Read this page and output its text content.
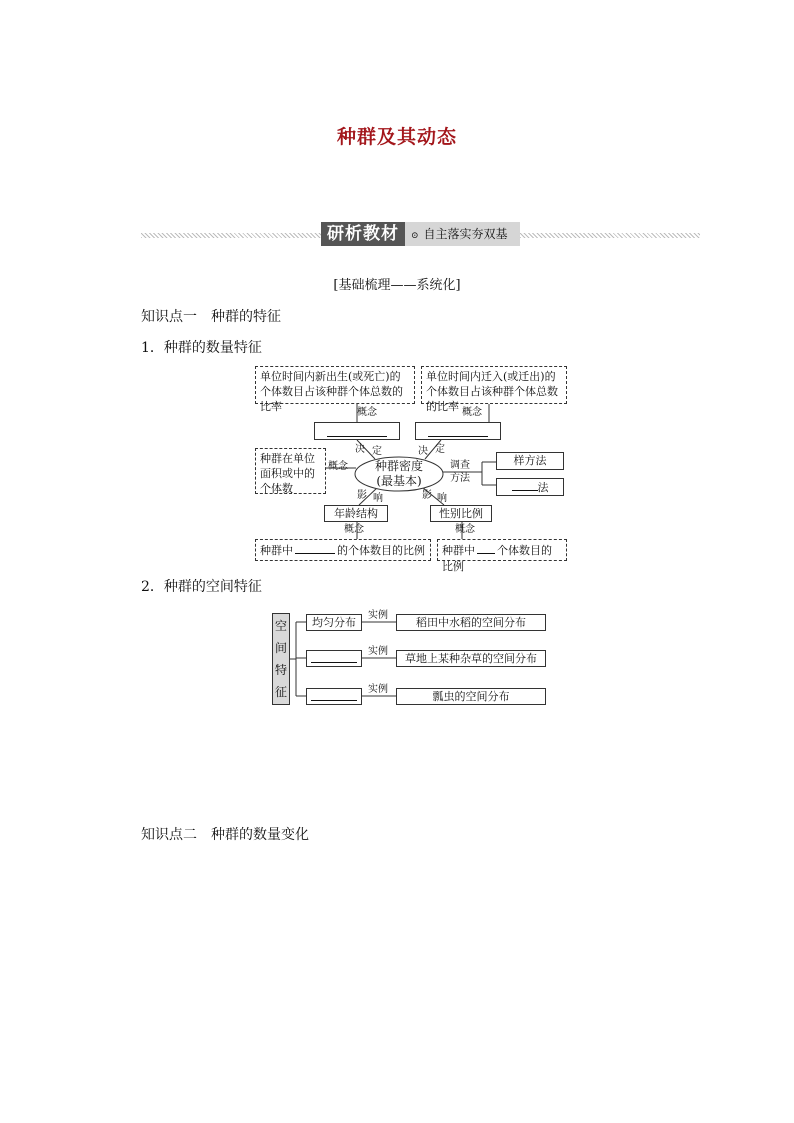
种群及其动态
研析教材	⊙ 自主落实夯双基
[基础梳理——系统化]
知识点一　种群的特征
1．种群的数量特征
单位时间内新出生(或死亡)的个体数目占该种群个体总数的比率
单位时间内迁入(或迁出)的个体数目占该种群个体总数的比率
概念	概念
决 定	决 定
种群在单位面积或中的个体数
概念	种群密度
(最基本)
调查
方法
样方法
法
影 响	影 响
年龄结构	性别比例
概念	概念
种群中	的个体数目的比例	种群中 个体数目的比例
2．种群的空间特征
空
间
特
征
均匀分布
实例
实例
实例
稻田中水稻的空间分布
草地上某种杂草的空间分布
瓢虫的空间分布
知识点二　种群的数量变化
